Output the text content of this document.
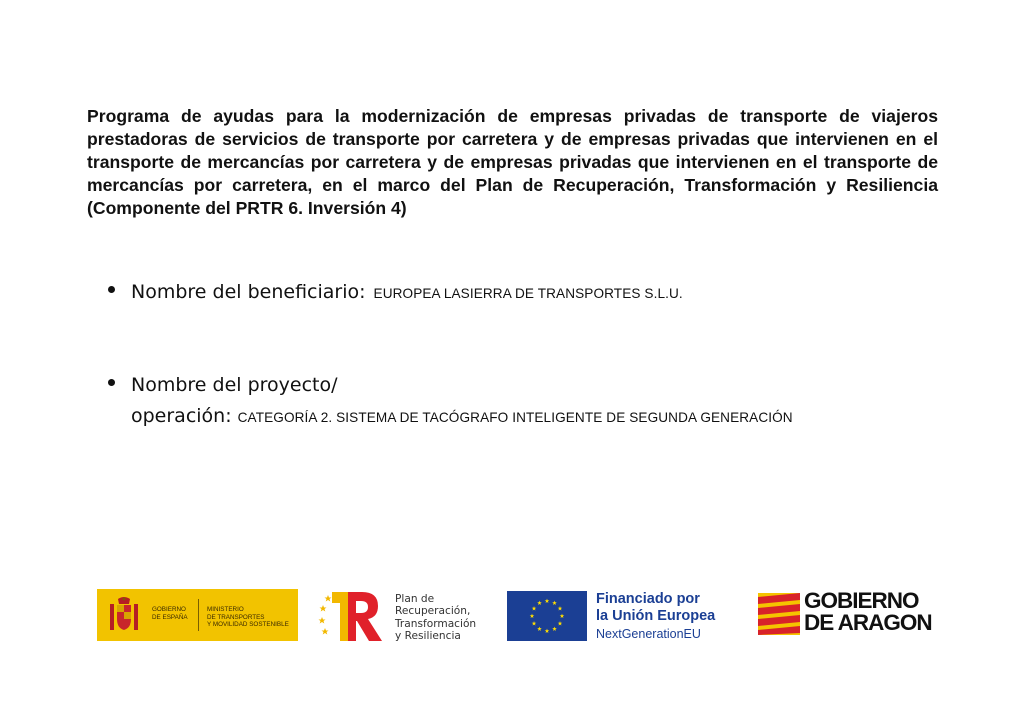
Programa de ayudas para la modernización de empresas privadas de transporte de viajeros prestadoras de servicios de transporte por carretera y de empresas privadas que intervienen en el transporte de mercancías por carretera y de empresas privadas que intervienen en el transporte de mercancías por carretera, en el marco del Plan de Recuperación, Transformación y Resiliencia (Componente del PRTR 6. Inversión 4)
Nombre del beneficiario: EUROPEA LASIERRA DE TRANSPORTES S.L.U.
Nombre del proyecto/
operación: CATEGORÍA 2. SISTEMA DE TACÓGRAFO INTELIGENTE DE SEGUNDA GENERACIÓN
GOBIERNO
DE ESPAÑA
MINISTERIO
DE TRANSPORTES
Y MOVILIDAD SOSTENIBLE
Plan de
Recuperación,
Transformación
y Resiliencia
Financiado por
la Unión Europea
NextGenerationEU
GOBIERNO
DE ARAGON
